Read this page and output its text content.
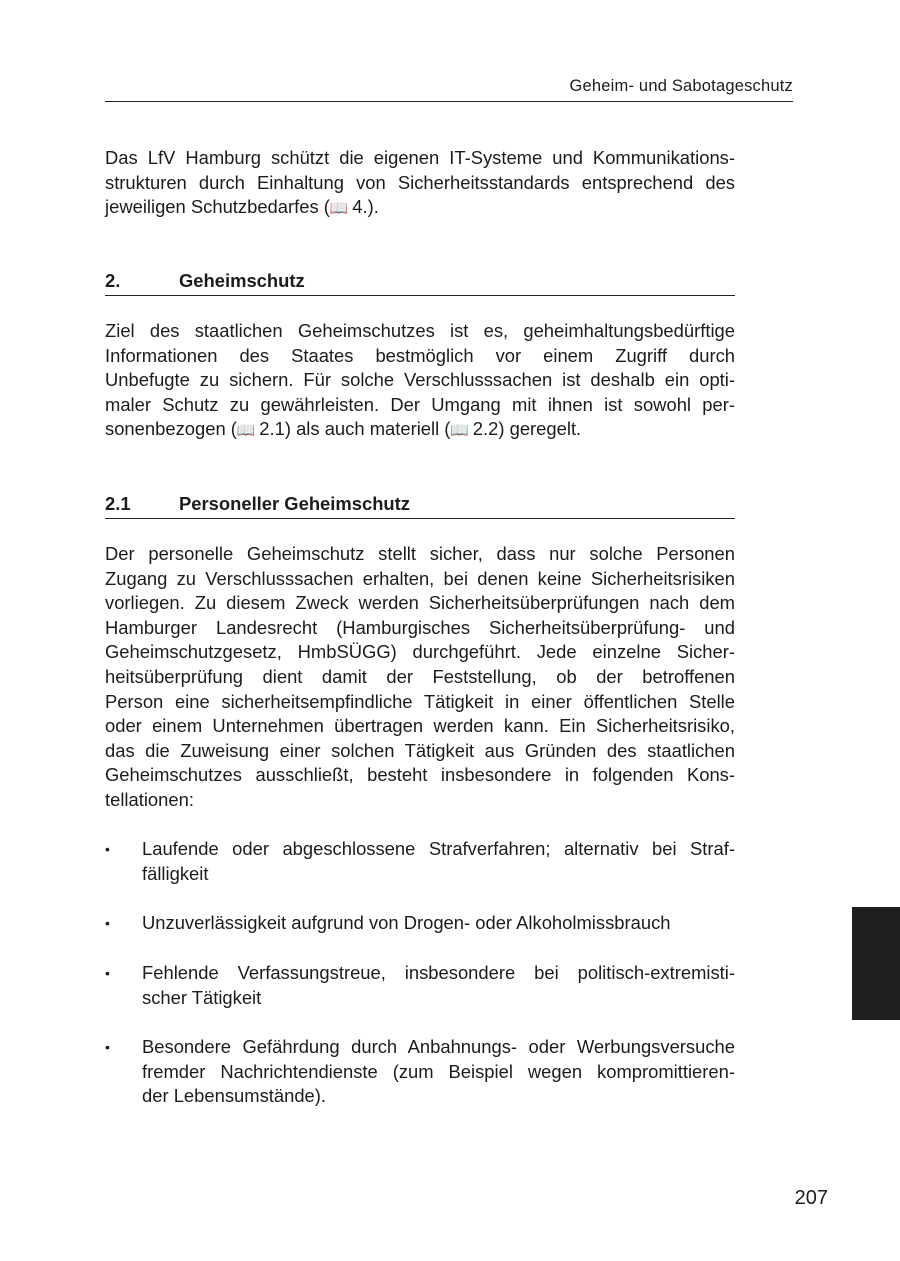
Geheim- und Sabotageschutz
Das LfV Hamburg schützt die eigenen IT-Systeme und Kommunikations-
strukturen durch Einhaltung von Sicherheitsstandards entsprechend des
jeweiligen Schutzbedarfes (📖  4.).
2.	Geheimschutz
Ziel des staatlichen Geheimschutzes ist es, geheimhaltungsbedürftige
Informationen des Staates bestmöglich vor einem Zugriff durch
Unbefugte zu sichern. Für solche Verschlusssachen ist deshalb ein opti-
maler Schutz zu gewährleisten. Der Umgang mit ihnen ist sowohl per-
sonenbezogen (📖  2.1) als auch materiell (📖  2.2) geregelt.
2.1	Personeller Geheimschutz
Der personelle Geheimschutz stellt sicher, dass nur solche Personen
Zugang zu Verschlusssachen erhalten, bei denen keine Sicherheitsrisiken
vorliegen. Zu diesem Zweck werden Sicherheitsüberprüfungen nach dem
Hamburger Landesrecht (Hamburgisches Sicherheitsüberprüfung- und
Geheimschutzgesetz, HmbSÜGG) durchgeführt. Jede einzelne Sicher-
heitsüberprüfung dient damit der Feststellung, ob der betroffenen
Person eine sicherheitsempfindliche Tätigkeit in einer öffentlichen Stelle
oder einem Unternehmen übertragen werden kann. Ein Sicherheitsrisiko,
das die Zuweisung einer solchen Tätigkeit aus Gründen des staatlichen
Geheimschutzes ausschließt, besteht insbesondere in folgenden Kons-
tellationen:
• Laufende oder abgeschlossene Strafverfahren; alternativ bei Straf-
fälligkeit
• Unzuverlässigkeit aufgrund von Drogen- oder Alkoholmissbrauch
• Fehlende Verfassungstreue, insbesondere bei politisch-extremisti-
scher Tätigkeit
• Besondere Gefährdung durch Anbahnungs- oder Werbungsversuche
fremder Nachrichtendienste (zum Beispiel wegen kompromittieren-
der Lebensumstände).
207
